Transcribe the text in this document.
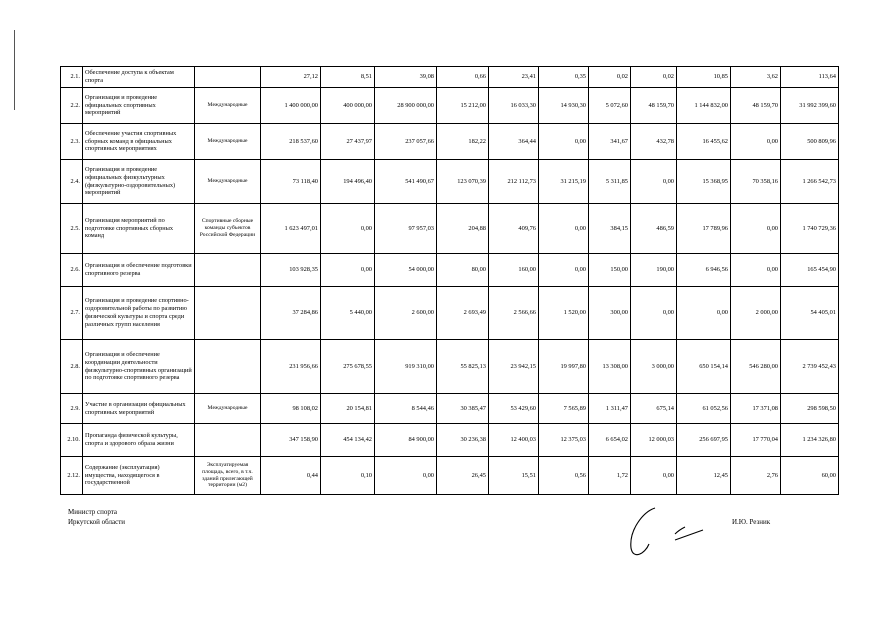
2.1.	Обеспечение доступа к объектам спорта		27,12	8,51	39,08	0,66	23,41	0,35	0,02	0,02	10,85	3,62	113,64
2.2.	Организация и проведение официальных спортивных мероприятий	Международные	1 400 000,00	400 000,00	28 900 000,00	15 212,00	16 033,30	14 930,30	5 072,60	48 159,70	1 144 832,00	48 159,70	31 992 399,60
2.3.	Обеспечение участия спортивных сборных команд в официальных спортивных мероприятиях	Международные	218 537,60	27 437,97	237 057,66	182,22	364,44	0,00	341,67	432,78	16 455,62	0,00	500 809,96
2.4.	Организация и проведение официальных физкультурных (физкультурно-оздоровительных) мероприятий	Международные	73 118,40	194 496,40	541 490,67	123 070,39	212 112,73	31 215,19	5 311,85	0,00	15 368,95	70 358,16	1 266 542,73
2.5.	Организация мероприятий по подготовке спортивных сборных команд	Спортивные сборные команды субъектов Российской Федерации	1 623 497,01	0,00	97 957,03	204,88	409,76	0,00	384,15	486,59	17 789,96	0,00	1 740 729,36
2.6.	Организация и обеспечение подготовки спортивного резерва		103 928,35	0,00	54 000,00	80,00	160,00	0,00	150,00	190,00	6 946,56	0,00	165 454,90
2.7.	Организация и проведение спортивно-оздоровительной работы по развитию физической культуры и спорта среди различных групп населения		37 284,86	5 440,00	2 600,00	2 693,49	2 566,66	1 520,00	300,00	0,00	0,00	2 000,00	54 405,01
2.8.	Организация и обеспечение координации деятельности физкультурно-спортивных организаций по подготовке спортивного резерва		231 956,66	275 678,55	919 310,00	55 825,13	23 942,15	19 997,80	13 308,00	3 000,00	650 154,14	546 280,00	2 739 452,43
2.9.	Участие в организации официальных спортивных мероприятий	Международные	98 108,02	20 154,81	8 544,46	30 385,47	53 429,60	7 565,89	1 311,47	675,14	61 052,56	17 371,08	298 598,50
2.10.	Пропаганда физической культуры, спорта и здорового образа жизни		347 158,90	454 134,42	84 900,00	30 236,38	12 400,03	12 375,03	6 654,02	12 000,03	256 697,95	17 770,04	1 234 326,80
2.12.	Содержание (эксплуатация) имущества, находящегося в государственной	Эксплуатируемая площадь, всего, в т.ч. зданий прилегающей территории (м2)	0,44	0,10	0,00	26,45	15,51	0,56	1,72	0,00	12,45	2,76	60,00
Министр спорта
Иркутской области	И.Ю. Резник
